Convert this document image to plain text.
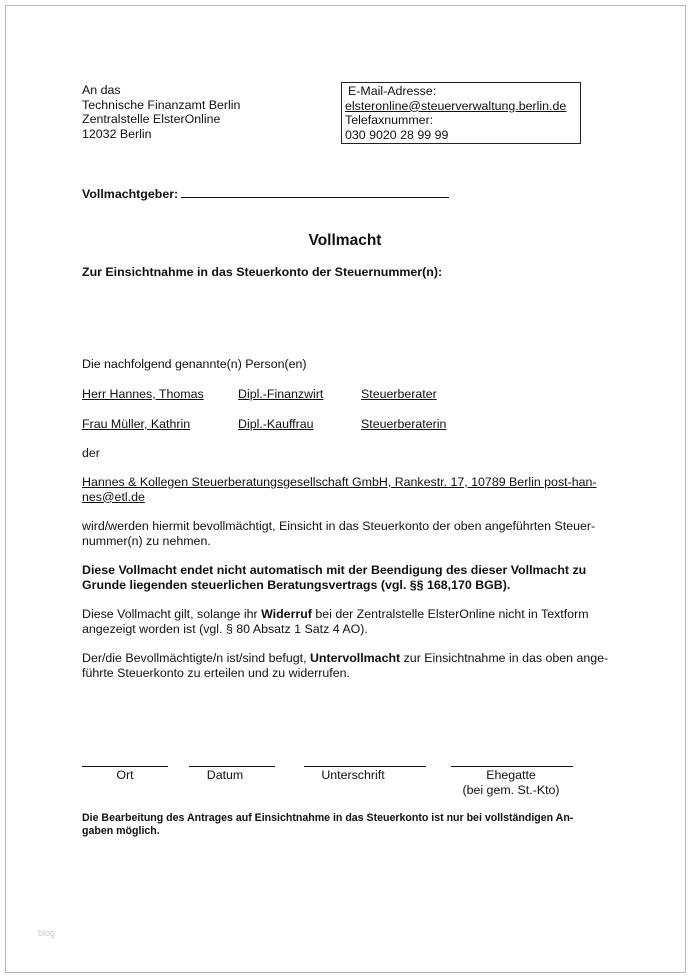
An das
Technische Finanzamt Berlin
Zentralstelle ElsterOnline
12032 Berlin
E-Mail-Adresse:
elsteronline@steuerverwaltung.berlin.de
Telefaxnummer:
030 9020 28 99 99
Vollmachtgeber:
Vollmacht
Zur Einsichtnahme in das Steuerkonto der Steuernummer(n):
Die nachfolgend genannte(n) Person(en)
Herr Hannes, Thomas	Dipl.-Finanzwirt	Steuerberater
Frau Müller, Kathrin	Dipl.-Kauffrau	Steuerberaterin
der
Hannes & Kollegen Steuerberatungsgesellschaft GmbH, Rankestr. 17, 10789 Berlin post-han-
nes@etl.de
wird/werden hiermit bevollmächtigt, Einsicht in das Steuerkonto der oben angeführten Steuer-
nummer(n) zu nehmen.
Diese Vollmacht endet nicht automatisch mit der Beendigung des dieser Vollmacht zu
Grunde liegenden steuerlichen Beratungsvertrags (vgl. §§ 168,170 BGB).
Diese Vollmacht gilt, solange ihr Widerruf bei der Zentralstelle ElsterOnline nicht in Textform
angezeigt worden ist (vgl. § 80 Absatz 1 Satz 4 AO).
Der/die Bevollmächtigte/n ist/sind befugt, Untervollmacht zur Einsichtnahme in das oben ange-
führte Steuerkonto zu erteilen und zu widerrufen.
Ort	Datum	Unterschrift	Ehegatte
(bei gem. St.-Kto)
Die Bearbeitung des Antrages auf Einsichtnahme in das Steuerkonto ist nur bei vollständigen An-
gaben möglich.
blog
